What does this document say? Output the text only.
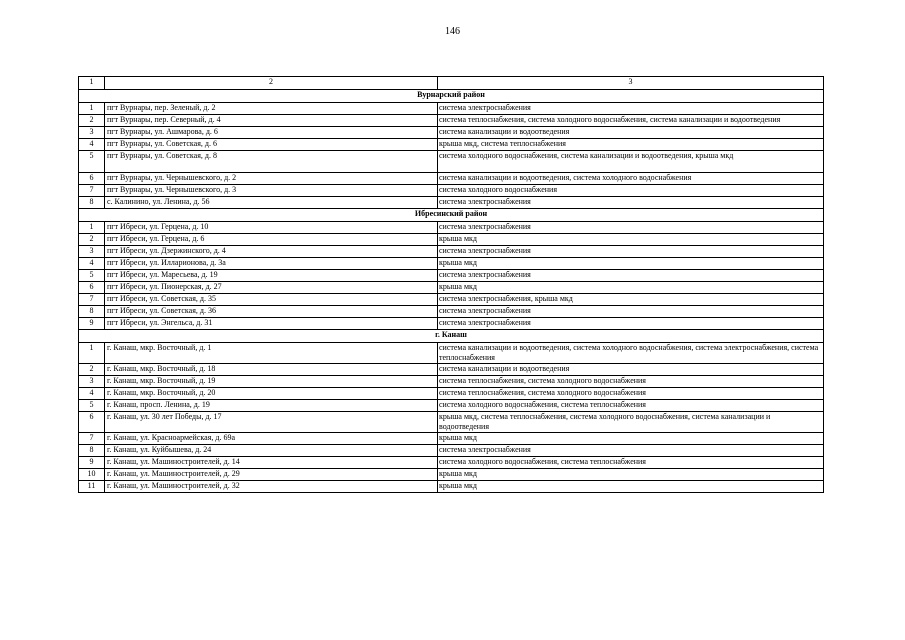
146
1	2	3
Вурнарский район		
1	пгт Вурнары, пер. Зеленый, д. 2	система электроснабжения
2	пгт Вурнары, пер. Северный, д. 4	система теплоснабжения, система холодного водоснабжения, система канализации и водоотведения
3	пгт Вурнары, ул. Ашмарова, д. 6	система канализации и водоотведения
4	пгт Вурнары, ул. Советская, д. 6	крыша мкд, система теплоснабжения
5	пгт Вурнары, ул. Советская, д. 8	система холодного водоснабжения, система канализации и водоотведения, крыша мкд
6	пгт Вурнары, ул. Чернышевского, д. 2	система канализации и водоотведения, система холодного водоснабжения
7	пгт Вурнары, ул. Чернышевского, д. 3	система холодного водоснабжения
8	с. Калинино, ул. Ленина, д. 56	система электроснабжения
Ибресинский район		
1	пгт Ибреси, ул. Герцена, д. 10	система электроснабжения
2	пгт Ибреси, ул. Герцена, д. 6	крыша мкд
3	пгт Ибреси, ул. Дзержинского, д. 4	система электроснабжения
4	пгт Ибреси, ул. Илларионова, д. 3а	крыша мкд
5	пгт Ибреси, ул. Маресьева, д. 19	система электроснабжения
6	пгт Ибреси, ул. Пионерская, д. 27	крыша мкд
7	пгт Ибреси, ул. Советская, д. 35	система электроснабжения, крыша мкд
8	пгт Ибреси, ул. Советская, д. 36	система электроснабжения
9	пгт Ибреси, ул. Энгельса, д. 31	система электроснабжения
г. Канаш		
1	г. Канаш, мкр. Восточный, д. 1	система канализации и водоотведения, система холодного водоснабжения, система электроснабжения, система теплоснабжения
2	г. Канаш, мкр. Восточный, д. 18	система канализации и водоотведения
3	г. Канаш, мкр. Восточный, д. 19	система теплоснабжения, система холодного водоснабжения
4	г. Канаш, мкр. Восточный, д. 20	система теплоснабжения, система холодного водоснабжения
5	г. Канаш, просп. Ленина, д. 19	система холодного водоснабжения, система теплоснабжения
6	г. Канаш, ул. 30 лет Победы, д. 17	крыша мкд, система теплоснабжения, система холодного водоснабжения, система канализации и водоотведения
7	г. Канаш, ул. Красноармейская, д. 69а	крыша мкд
8	г. Канаш, ул. Куйбышева, д. 24	система электроснабжения
9	г. Канаш, ул. Машиностроителей, д. 14	система холодного водоснабжения, система теплоснабжения
10	г. Канаш, ул. Машиностроителей, д. 29	крыша мкд
11	г. Канаш, ул. Машиностроителей, д. 32	крыша мкд
